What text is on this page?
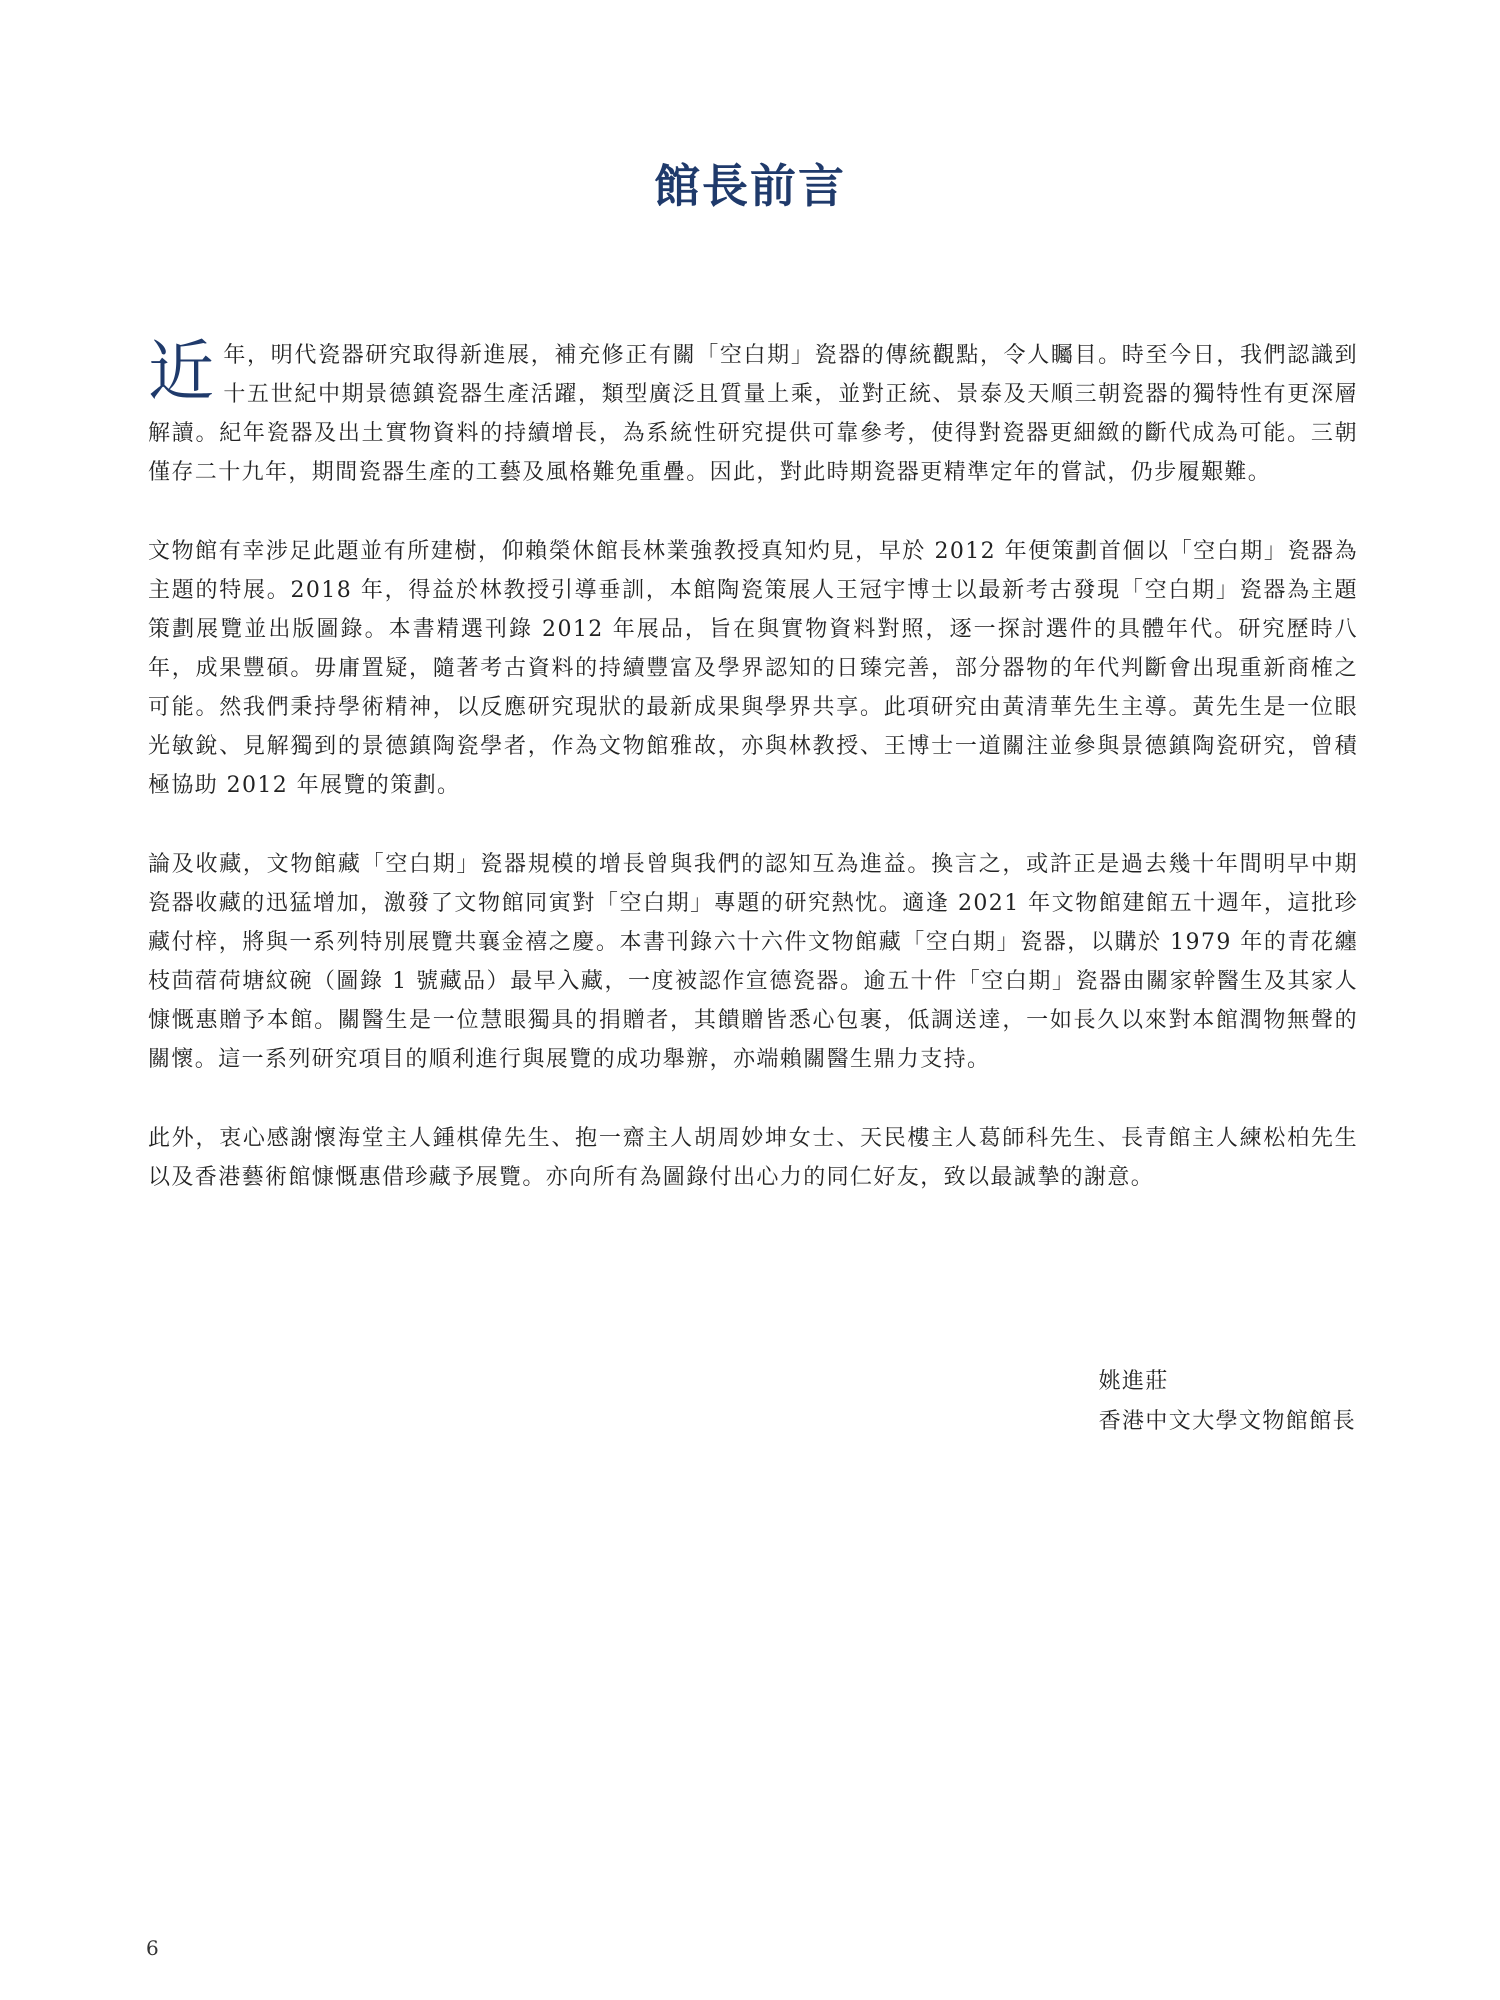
館長前言

近年，明代瓷器研究取得新進展，補充修正有關「空白期」瓷器的傳統觀點，令人矚目。時至今日，我們認識到十五世紀中期景德鎮瓷器生產活躍，類型廣泛且質量上乘，並對正統、景泰及天順三朝瓷器的獨特性有更深層解讀。紀年瓷器及出土實物資料的持續增長，為系統性研究提供可靠參考，使得對瓷器更細緻的斷代成為可能。三朝僅存二十九年，期間瓷器生產的工藝及風格難免重疊。因此，對此時期瓷器更精準定年的嘗試，仍步履艱難。

文物館有幸涉足此題並有所建樹，仰賴榮休館長林業強教授真知灼見，早於 2012 年便策劃首個以「空白期」瓷器為主題的特展。2018 年，得益於林教授引導垂訓，本館陶瓷策展人王冠宇博士以最新考古發現「空白期」瓷器為主題策劃展覽並出版圖錄。本書精選刊錄 2012 年展品，旨在與實物資料對照，逐一探討選件的具體年代。研究歷時八年，成果豐碩。毋庸置疑，隨著考古資料的持續豐富及學界認知的日臻完善，部分器物的年代判斷會出現重新商榷之可能。然我們秉持學術精神，以反應研究現狀的最新成果與學界共享。此項研究由黃清華先生主導。黃先生是一位眼光敏銳、見解獨到的景德鎮陶瓷學者，作為文物館雅故，亦與林教授、王博士一道關注並參與景德鎮陶瓷研究，曾積極協助 2012 年展覽的策劃。

論及收藏，文物館藏「空白期」瓷器規模的增長曾與我們的認知互為進益。換言之，或許正是過去幾十年間明早中期瓷器收藏的迅猛增加，激發了文物館同寅對「空白期」專題的研究熱忱。適逢 2021 年文物館建館五十週年，這批珍藏付梓，將與一系列特別展覽共襄金禧之慶。本書刊錄六十六件文物館藏「空白期」瓷器，以購於 1979 年的青花纏枝茴蓿荷塘紋碗（圖錄 1 號藏品）最早入藏，一度被認作宣德瓷器。逾五十件「空白期」瓷器由關家幹醫生及其家人慷慨惠贈予本館。關醫生是一位慧眼獨具的捐贈者，其饋贈皆悉心包裹，低調送達，一如長久以來對本館潤物無聲的關懷。這一系列研究項目的順利進行與展覽的成功舉辦，亦端賴關醫生鼎力支持。

此外，衷心感謝懷海堂主人鍾棋偉先生、抱一齋主人胡周妙坤女士、天民樓主人葛師科先生、長青館主人練松柏先生以及香港藝術館慷慨惠借珍藏予展覽。亦向所有為圖錄付出心力的同仁好友，致以最誠摯的謝意。

姚進莊
香港中文大學文物館館長
6
